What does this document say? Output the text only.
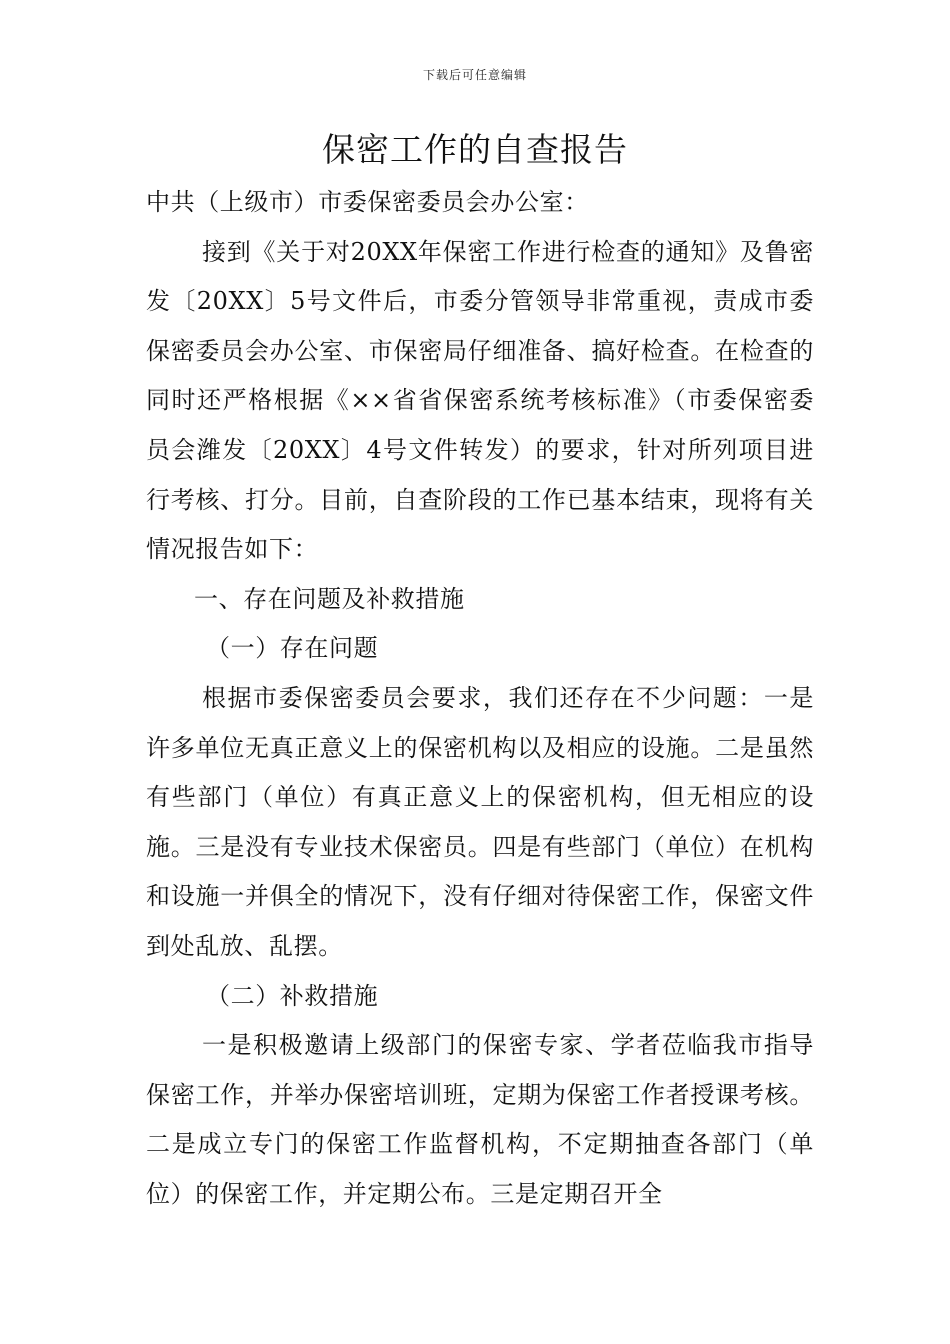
下载后可任意编辑
保密工作的自查报告

中共（上级市）市委保密委员会办公室：

接到《关于对20XX年保密工作进行检查的通知》及鲁密发〔20XX〕5号文件后，市委分管领导非常重视，责成市委保密委员会办公室、市保密局仔细准备、搞好检查。在检查的同时还严格根据《××省省保密系统考核标准》（市委保密委员会潍发〔20XX〕4号文件转发）的要求，针对所列项目进行考核、打分。目前，自查阶段的工作已基本结束，现将有关情况报告如下：

一、存在问题及补救措施

（一）存在问题

根据市委保密委员会要求，我们还存在不少问题：一是许多单位无真正意义上的保密机构以及相应的设施。二是虽然有些部门（单位）有真正意义上的保密机构，但无相应的设施。三是没有专业技术保密员。四是有些部门（单位）在机构和设施一并俱全的情况下，没有仔细对待保密工作，保密文件到处乱放、乱摆。

（二）补救措施

一是积极邀请上级部门的保密专家、学者莅临我市指导保密工作，并举办保密培训班，定期为保密工作者授课考核。二是成立专门的保密工作监督机构，不定期抽查各部门（单位）的保密工作，并定期公布。三是定期召开全
